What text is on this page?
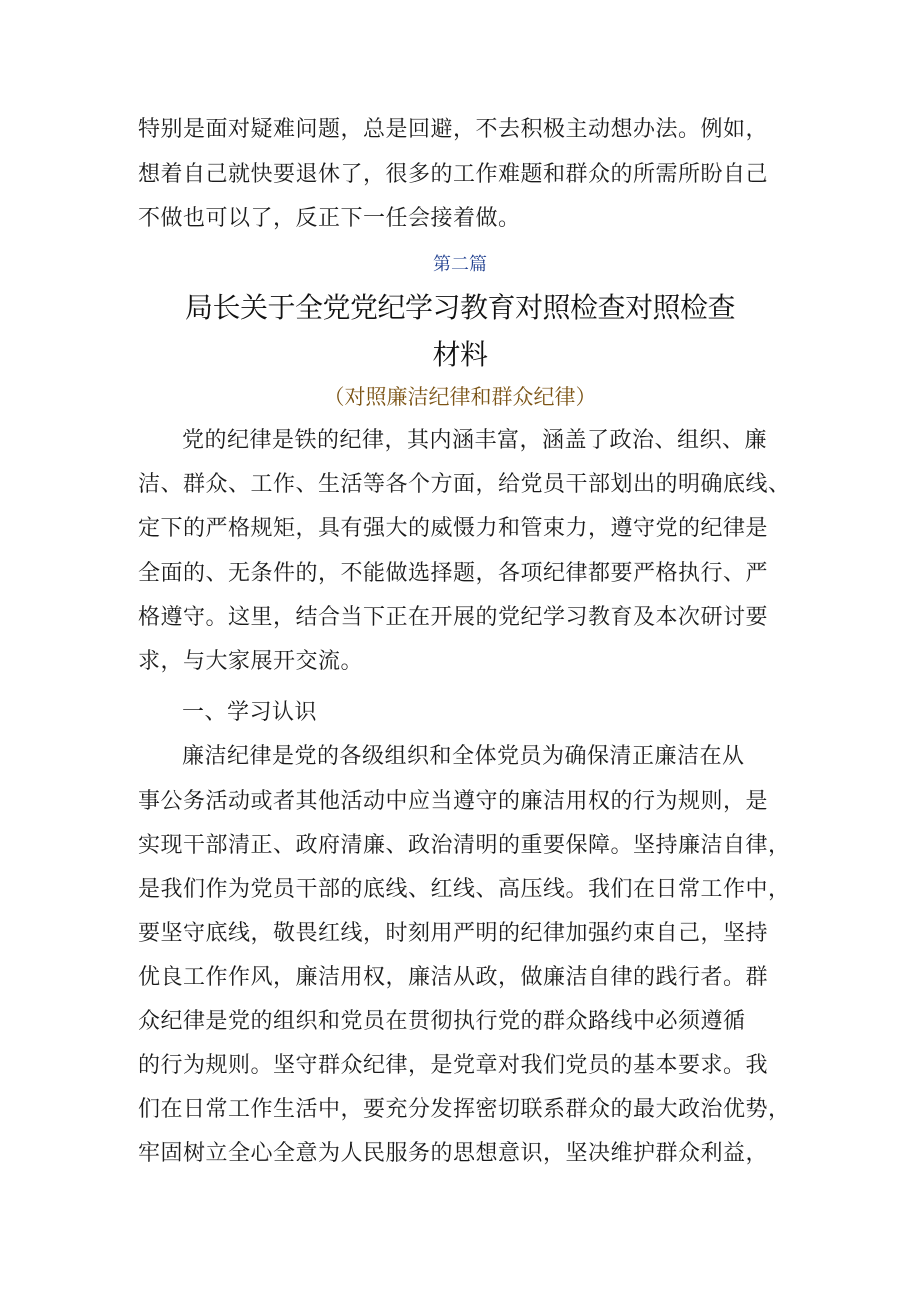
特别是面对疑难问题，总是回避，不去积极主动想办法。例如，
想着自己就快要退休了，很多的工作难题和群众的所需所盼自己
不做也可以了，反正下一任会接着做。
第二篇
局长关于全党党纪学习教育对照检查对照检查
材料
（对照廉洁纪律和群众纪律）
党的纪律是铁的纪律，其内涵丰富，涵盖了政治、组织、廉
洁、群众、工作、生活等各个方面，给党员干部划出的明确底线、
定下的严格规矩，具有强大的威慑力和管束力，遵守党的纪律是
全面的、无条件的，不能做选择题，各项纪律都要严格执行、严
格遵守。这里，结合当下正在开展的党纪学习教育及本次研讨要
求，与大家展开交流。
一、学习认识
廉洁纪律是党的各级组织和全体党员为确保清正廉洁在从
事公务活动或者其他活动中应当遵守的廉洁用权的行为规则，是
实现干部清正、政府清廉、政治清明的重要保障。坚持廉洁自律，
是我们作为党员干部的底线、红线、高压线。我们在日常工作中，
要坚守底线，敬畏红线，时刻用严明的纪律加强约束自己，坚持
优良工作作风，廉洁用权，廉洁从政，做廉洁自律的践行者。群
众纪律是党的组织和党员在贯彻执行党的群众路线中必须遵循
的行为规则。坚守群众纪律，是党章对我们党员的基本要求。我
们在日常工作生活中，要充分发挥密切联系群众的最大政治优势，
牢固树立全心全意为人民服务的思想意识，坚决维护群众利益，
